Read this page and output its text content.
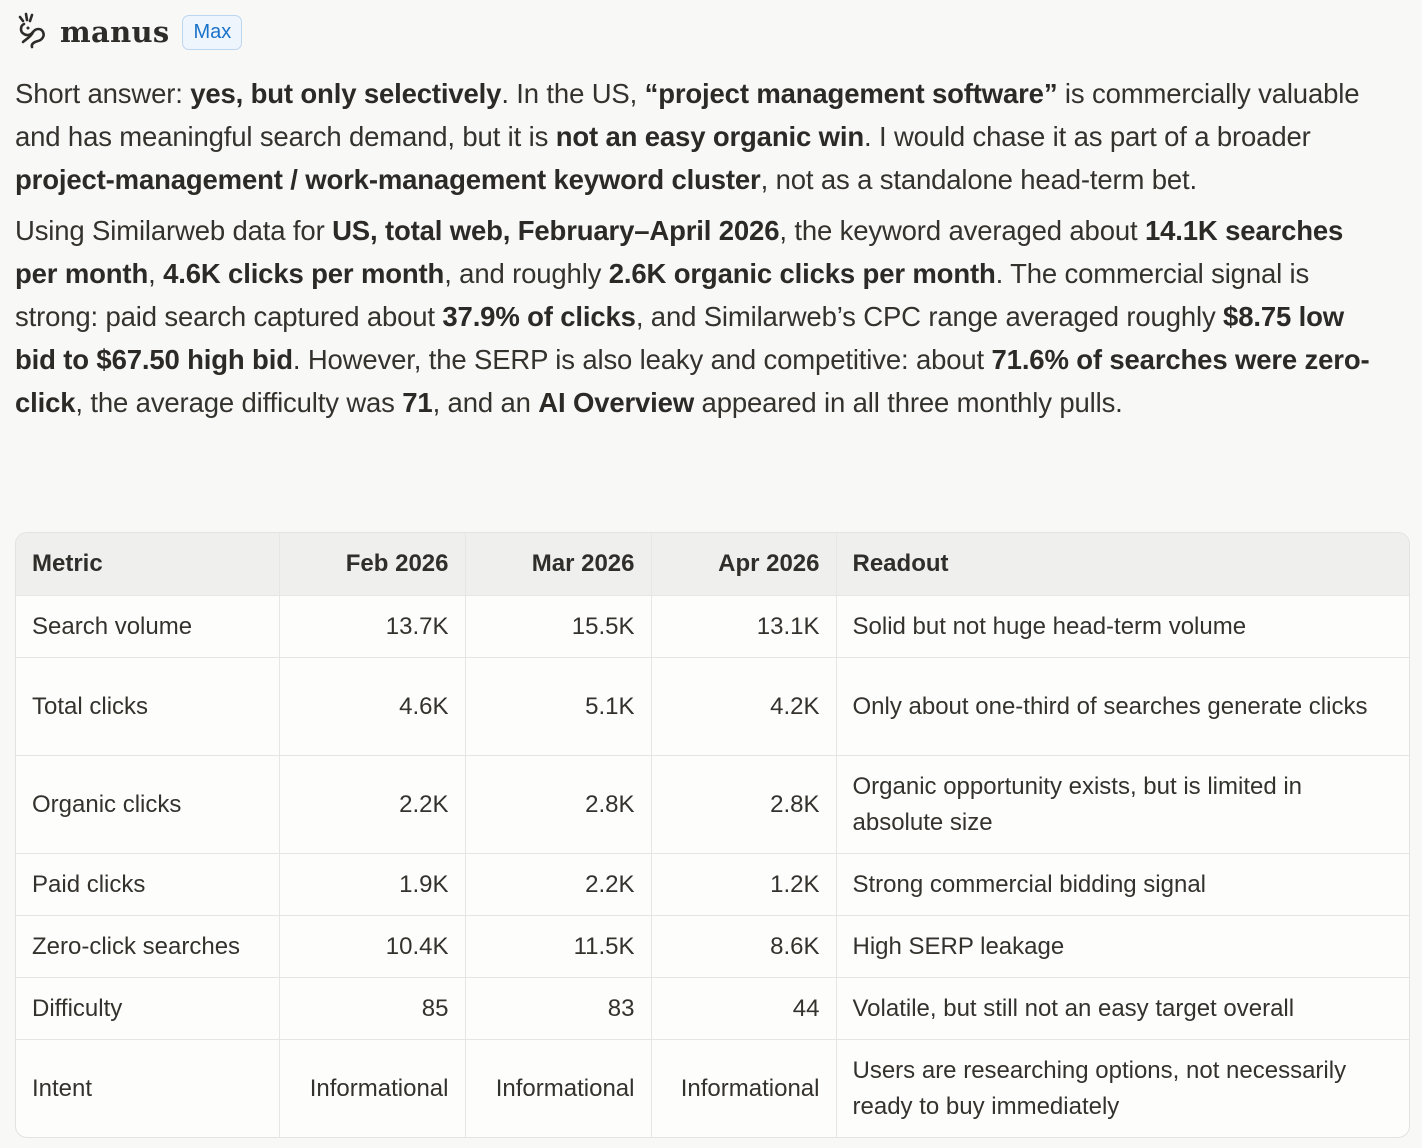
manus	Max

Short answer: yes, but only selectively. In the US, “project management software” is commercially valuable and has meaningful search demand, but it is not an easy organic win. I would chase it as part of a broader project-management / work-management keyword cluster, not as a standalone head-term bet.

Using Similarweb data for US, total web, February–April 2026, the keyword averaged about 14.1K searches per month, 4.6K clicks per month, and roughly 2.6K organic clicks per month. The commercial signal is strong: paid search captured about 37.9% of clicks, and Similarweb’s CPC range averaged roughly $8.75 low bid to $67.50 high bid. However, the SERP is also leaky and competitive: about 71.6% of searches were zero-click, the average difficulty was 71, and an AI Overview appeared in all three monthly pulls.

Metric	Feb 2026	Mar 2026	Apr 2026	Readout
Search volume	13.7K	15.5K	13.1K	Solid but not huge head-term volume
Total clicks	4.6K	5.1K	4.2K	Only about one-third of searches generate clicks
Organic clicks	2.2K	2.8K	2.8K	Organic opportunity exists, but is limited in absolute size
Paid clicks	1.9K	2.2K	1.2K	Strong commercial bidding signal
Zero-click searches	10.4K	11.5K	8.6K	High SERP leakage
Difficulty	85	83	44	Volatile, but still not an easy target overall
Intent	Informational	Informational	Informational	Users are researching options, not necessarily ready to buy immediately
